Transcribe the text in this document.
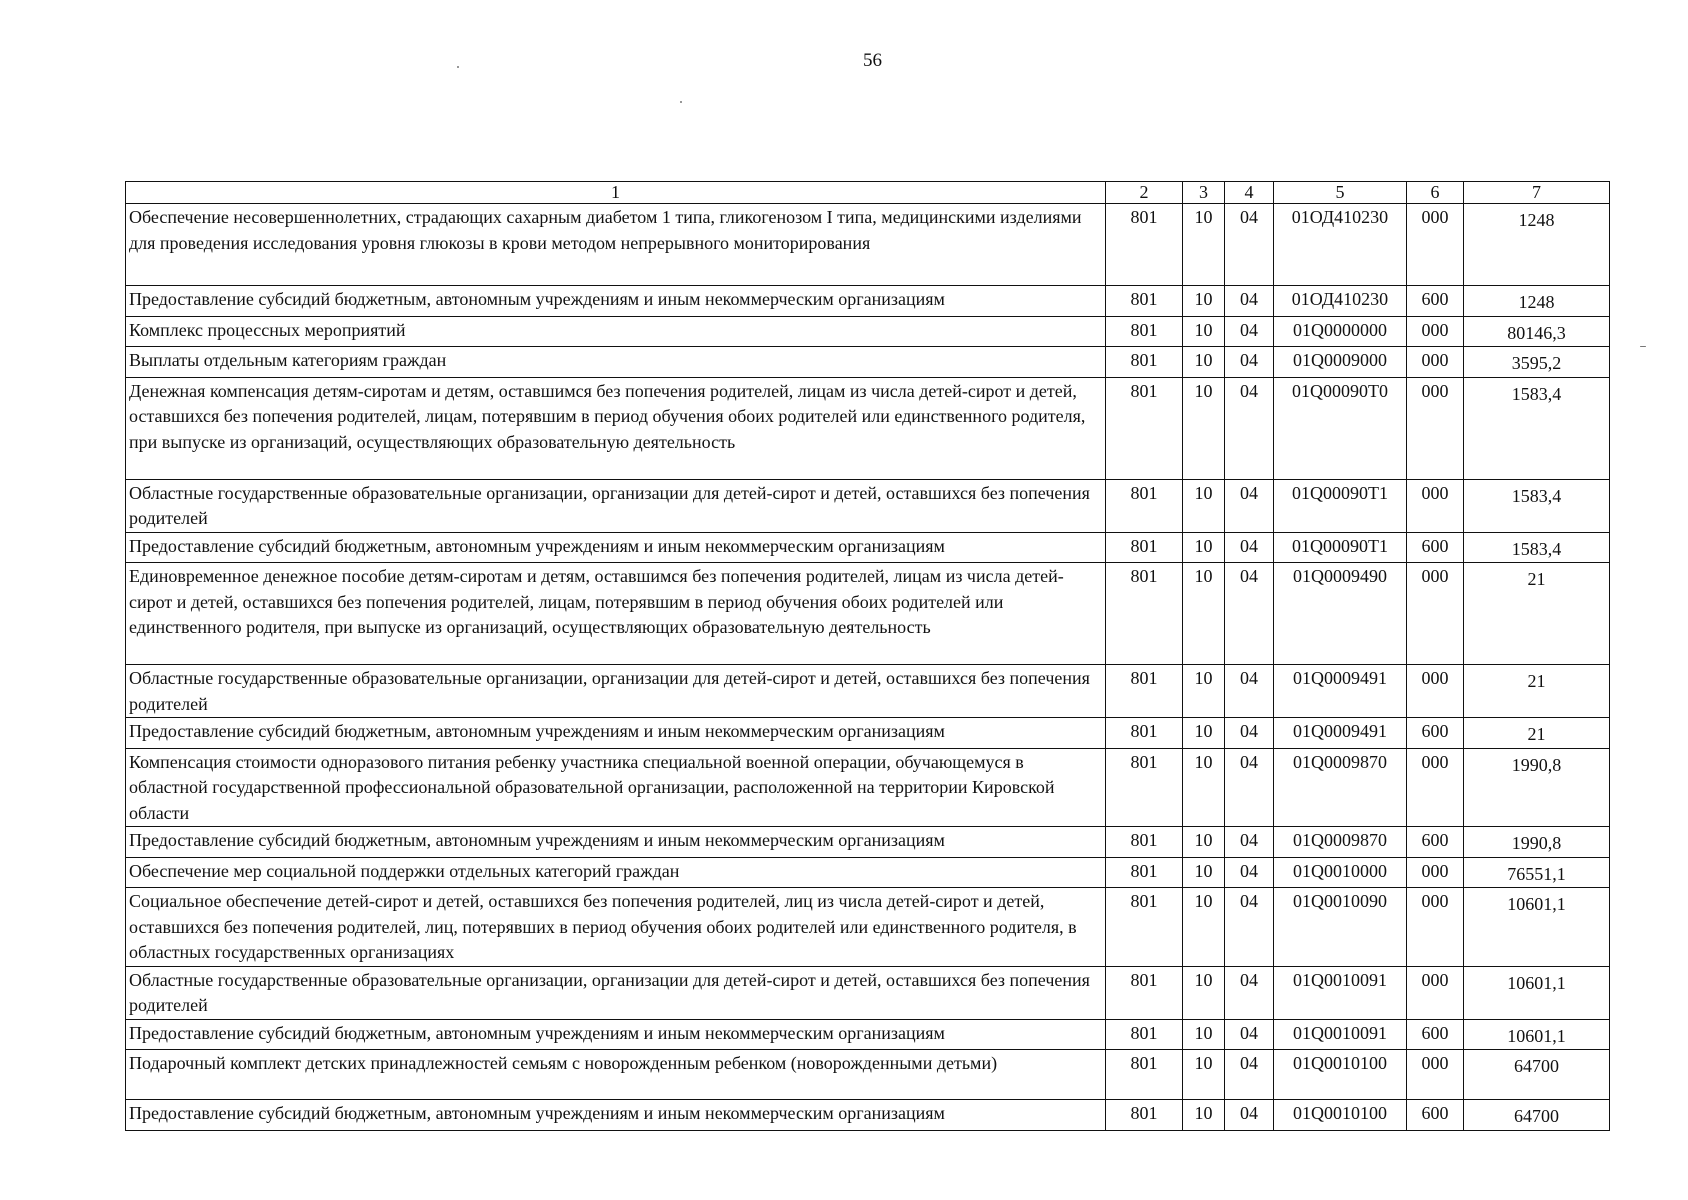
56
1	2	3	4	5	6	7
Обеспечение несовершеннолетних, страдающих сахарным диабетом 1 типа, гликогенозом I типа, медицинскими изделиями для проведения исследования уровня глюкозы в крови методом непрерывного мониторирования	801	10	04	01ОД410230	000	1248
Предоставление субсидий бюджетным, автономным учреждениям и иным некоммерческим организациям	801	10	04	01ОД410230	600	1248
Комплекс процессных мероприятий	801	10	04	01Q0000000	000	80146,3
Выплаты отдельным категориям граждан	801	10	04	01Q0009000	000	3595,2
Денежная компенсация детям-сиротам и детям, оставшимся без попечения родителей, лицам из числа детей-сирот и детей, оставшихся без попечения родителей, лицам, потерявшим в период обучения обоих родителей или единственного родителя, при выпуске из организаций, осуществляющих образовательную деятельность	801	10	04	01Q00090T0	000	1583,4
Областные государственные образовательные организации, организации для детей-сирот и детей, оставшихся без попечения родителей	801	10	04	01Q00090T1	000	1583,4
Предоставление субсидий бюджетным, автономным учреждениям и иным некоммерческим организациям	801	10	04	01Q00090T1	600	1583,4
Единовременное денежное пособие детям-сиротам и детям, оставшимся без попечения родителей, лицам из числа детей-сирот и детей, оставшихся без попечения родителей, лицам, потерявшим в период обучения обоих родителей или единственного родителя, при выпуске из организаций, осуществляющих образовательную деятельность	801	10	04	01Q0009490	000	21
Областные государственные образовательные организации, организации для детей-сирот и детей, оставшихся без попечения родителей	801	10	04	01Q0009491	000	21
Предоставление субсидий бюджетным, автономным учреждениям и иным некоммерческим организациям	801	10	04	01Q0009491	600	21
Компенсация стоимости одноразового питания ребенку участника специальной военной операции, обучающемуся в областной государственной профессиональной образовательной организации, расположенной на территории Кировской области	801	10	04	01Q0009870	000	1990,8
Предоставление субсидий бюджетным, автономным учреждениям и иным некоммерческим организациям	801	10	04	01Q0009870	600	1990,8
Обеспечение мер социальной поддержки отдельных категорий граждан	801	10	04	01Q0010000	000	76551,1
Социальное обеспечение детей-сирот и детей, оставшихся без попечения родителей, лиц из числа детей-сирот и детей, оставшихся без попечения родителей, лиц, потерявших в период обучения обоих родителей или единственного родителя, в областных государственных организациях	801	10	04	01Q0010090	000	10601,1
Областные государственные образовательные организации, организации для детей-сирот и детей, оставшихся без попечения родителей	801	10	04	01Q0010091	000	10601,1
Предоставление субсидий бюджетным, автономным учреждениям и иным некоммерческим организациям	801	10	04	01Q0010091	600	10601,1
Подарочный комплект детских принадлежностей семьям с новорожденным ребенком (новорожденными детьми)	801	10	04	01Q0010100	000	64700
Предоставление субсидий бюджетным, автономным учреждениям и иным некоммерческим организациям	801	10	04	01Q0010100	600	64700
